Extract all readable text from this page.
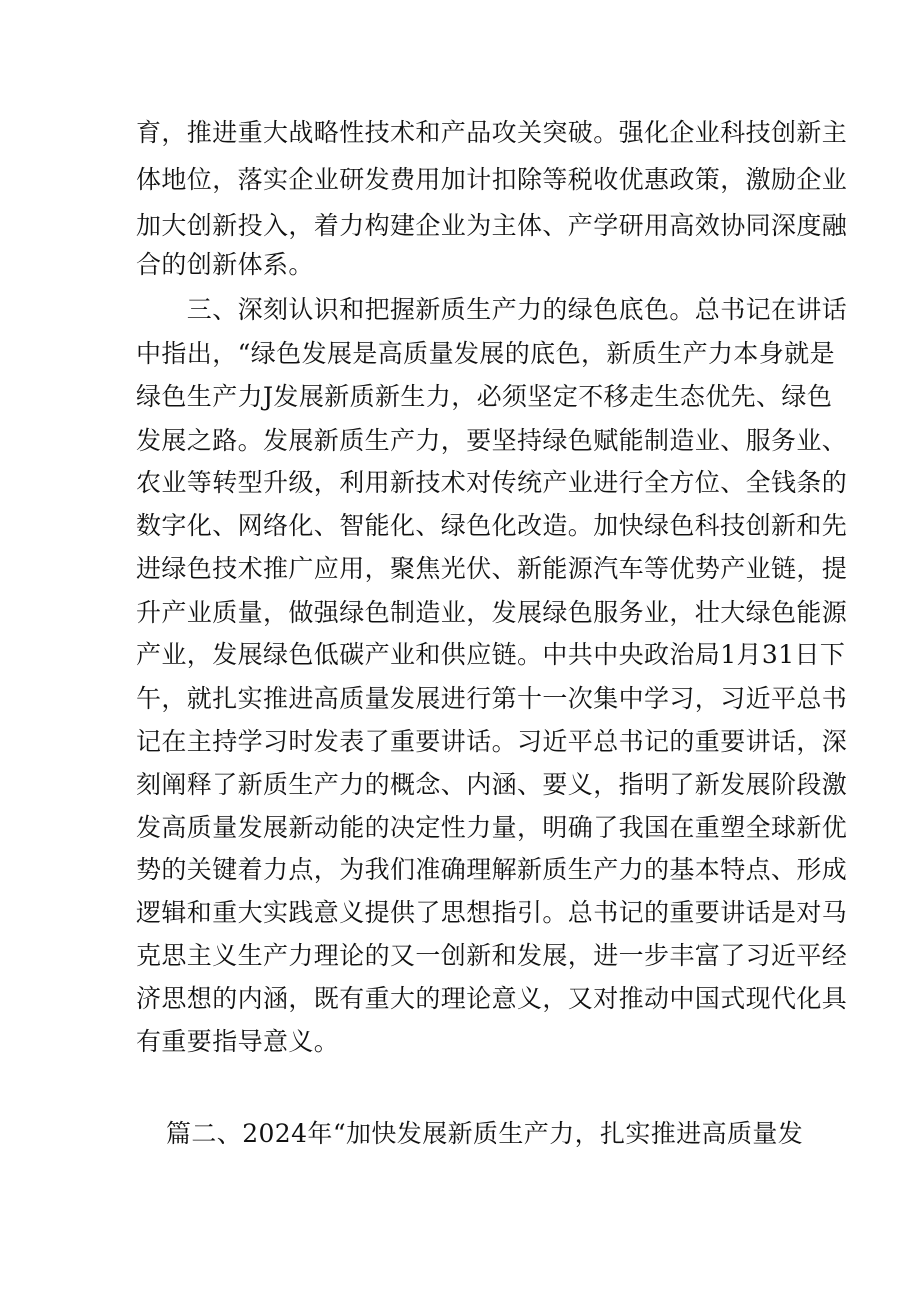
育，推进重大战略性技术和产品攻关突破。强化企业科技创新主
体地位，落实企业研发费用加计扣除等税收优惠政策，激励企业
加大创新投入，着力构建企业为主体、产学研用高效协同深度融
合的创新体系。
　　三、深刻认识和把握新质生产力的绿色底色。总书记在讲话
中指出，“绿色发展是高质量发展的底色，新质生产力本身就是
绿色生产力J发展新质新生力，必须坚定不移走生态优先、绿色
发展之路。发展新质生产力，要坚持绿色赋能制造业、服务业、
农业等转型升级，利用新技术对传统产业进行全方位、全钱条的
数字化、网络化、智能化、绿色化改造。加快绿色科技创新和先
进绿色技术推广应用，聚焦光伏、新能源汽车等优势产业链，提
升产业质量，做强绿色制造业，发展绿色服务业，壮大绿色能源
产业，发展绿色低碳产业和供应链。中共中央政治局1月31日下
午，就扎实推进高质量发展进行第十一次集中学习，习近平总书
记在主持学习时发表了重要讲话。习近平总书记的重要讲话，深
刻阐释了新质生产力的概念、内涵、要义，指明了新发展阶段激
发高质量发展新动能的决定性力量，明确了我国在重塑全球新优
势的关键着力点，为我们准确理解新质生产力的基本特点、形成
逻辑和重大实践意义提供了思想指引。总书记的重要讲话是对马
克思主义生产力理论的又一创新和发展，进一步丰富了习近平经
济思想的内涵，既有重大的理论意义，又对推动中国式现代化具
有重要指导意义。
篇二、2024年“加快发展新质生产力，扎实推进高质量发
